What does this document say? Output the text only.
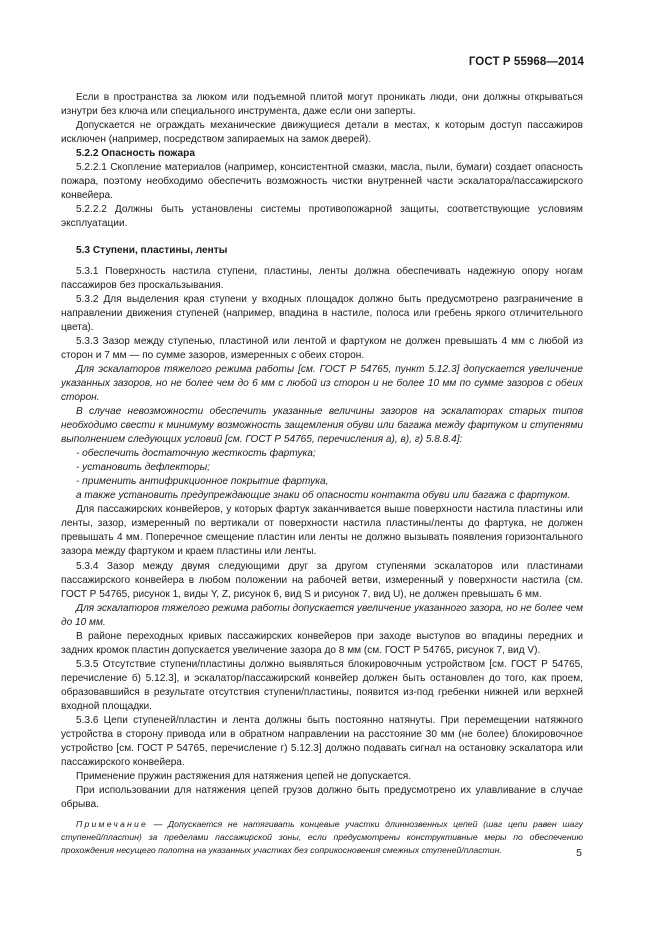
ГОСТ Р 55968—2014

Если в пространства за люком или подъемной плитой могут проникать люди, они должны открываться изнутри без ключа или специального инструмента, даже если они заперты.

Допускается не ограждать механические движущиеся детали в местах, к которым доступ пассажиров исключен (например, посредством запираемых на замок дверей).

5.2.2 Опасность пожара

5.2.2.1 Скопление материалов (например, консистентной смазки, масла, пыли, бумаги) создает опасность пожара, поэтому необходимо обеспечить возможность чистки внутренней части эскалатора/пассажирского конвейера.

5.2.2.2 Должны быть установлены системы противопожарной защиты, соответствующие условиям эксплуатации.

5.3 Ступени, пластины, ленты

5.3.1 Поверхность настила ступени, пластины, ленты должна обеспечивать надежную опору ногам пассажиров без проскальзывания.

5.3.2 Для выделения края ступени у входных площадок должно быть предусмотрено разграничение в направлении движения ступеней (например, впадина в настиле, полоса или гребень яркого отличительного цвета).

5.3.3 Зазор между ступенью, пластиной или лентой и фартуком не должен превышать 4 мм с любой из сторон и 7 мм — по сумме зазоров, измеренных с обеих сторон.

Для эскалаторов тяжелого режима работы [см. ГОСТ Р 54765, пункт 5.12.3] допускается увеличение указанных зазоров, но не более чем до 6 мм с любой из сторон и не более 10 мм по сумме зазоров с обеих сторон.

В случае невозможности обеспечить указанные величины зазоров на эскалаторах старых типов необходимо свести к минимуму возможность защемления обуви или багажа между фартуком и ступенями выполнением следующих условий [см. ГОСТ Р 54765, перечисления а), в), г) 5.8.8.4]:

- обеспечить достаточную жесткость фартука;

- установить дефлекторы;

- применить антифрикционное покрытие фартука,

а также установить предупреждающие знаки об опасности контакта обуви или багажа с фартуком.

Для пассажирских конвейеров, у которых фартук заканчивается выше поверхности настила пластины или ленты, зазор, измеренный по вертикали от поверхности настила пластины/ленты до фартука, не должен превышать 4 мм. Поперечное смещение пластин или ленты не должно вызывать появления горизонтального зазора между фартуком и краем пластины или ленты.

5.3.4 Зазор между двумя следующими друг за другом ступенями эскалаторов или пластинами пассажирского конвейера в любом положении на рабочей ветви, измеренный у поверхности настила (см. ГОСТ Р 54765, рисунок 1, виды Y, Z, рисунок 6, вид S и рисунок 7, вид U), не должен превышать 6 мм.

Для эскалаторов тяжелого режима работы допускается увеличение указанного зазора, но не более чем до 10 мм.

В районе переходных кривых пассажирских конвейеров при заходе выступов во впадины передних и задних кромок пластин допускается увеличение зазора до 8 мм (см. ГОСТ Р 54765, рисунок 7, вид V).

5.3.5 Отсутствие ступени/пластины должно выявляться блокировочным устройством [см. ГОСТ Р 54765, перечисление б) 5.12.3], и эскалатор/пассажирский конвейер должен быть остановлен до того, как проем, образовавшийся в результате отсутствия ступени/пластины, появится из-под гребенки нижней или верхней входной площадки.

5.3.6 Цепи ступеней/пластин и лента должны быть постоянно натянуты. При перемещении натяжного устройства в сторону привода или в обратном направлении на расстояние 30 мм (не более) блокировочное устройство [см. ГОСТ Р 54765, перечисление г) 5.12.3] должно подавать сигнал на остановку эскалатора или пассажирского конвейера.

Применение пружин растяжения для натяжения цепей не допускается.

При использовании для натяжения цепей грузов должно быть предусмотрено их улавливание в случае обрыва.

Примечание — Допускается не натягивать концевые участки длиннозвенных цепей (шаг цепи равен шагу ступеней/пластин) за пределами пассажирской зоны, если предусмотрены конструктивные меры по обеспечению прохождения несущего полотна на указанных участках без соприкосновения смежных ступеней/пластин.	5
